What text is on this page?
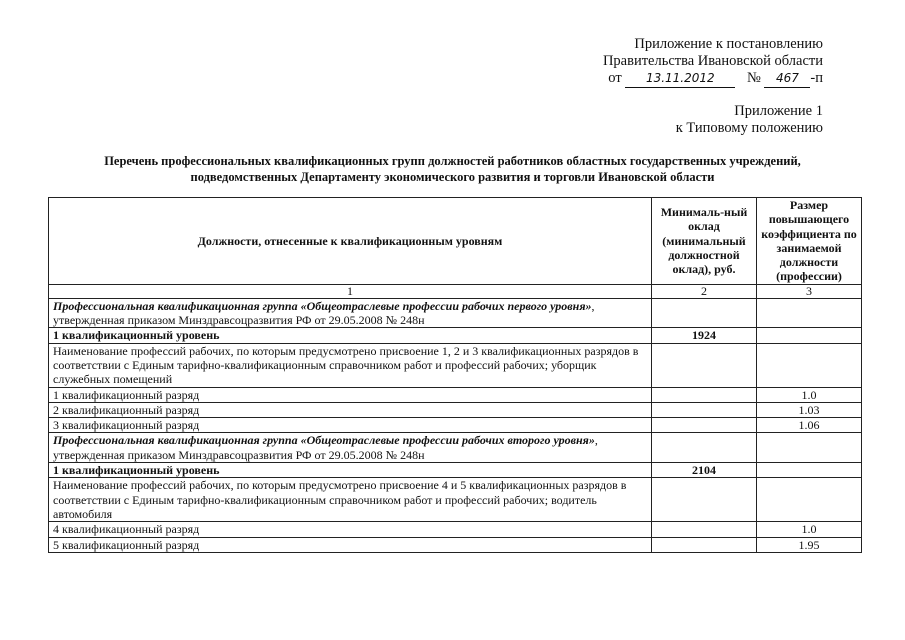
Приложение к постановлению
Правительства Ивановской области
от 13.11.2012 № 467 -п
Приложение 1
к Типовому положению
Перечень профессиональных квалификационных групп должностей работников областных государственных учреждений,
подведомственных Департаменту экономического развития и торговли Ивановской области
Должности, отнесенные к квалификационным уровням	Минималь-ный оклад (минимальный должностной оклад), руб.	Размер повышающего коэффициента по занимаемой должности (профессии)
1	2	3
Профессиональная квалификационная группа «Общеотраслевые профессии рабочих первого уровня», утвержденная приказом Минздравсоцразвития РФ от 29.05.2008 № 248н		
1 квалификационный уровень	1924	
Наименование профессий рабочих, по которым предусмотрено присвоение 1, 2 и 3 квалификационных разрядов в соответствии с Единым тарифно-квалификационным справочником работ и профессий рабочих; уборщик служебных помещений		
1 квалификационный разряд		1.0
2 квалификационный разряд		1.03
3 квалификационный разряд		1.06
Профессиональная квалификационная группа «Общеотраслевые профессии рабочих второго уровня», утвержденная приказом Минздравсоцразвития РФ от 29.05.2008 № 248н		
1 квалификационный уровень	2104	
Наименование профессий рабочих, по которым предусмотрено присвоение 4 и 5 квалификационных разрядов в соответствии с Единым тарифно-квалификационным справочником работ и профессий рабочих; водитель автомобиля		
4 квалификационный разряд		1.0
5 квалификационный разряд		1.95
